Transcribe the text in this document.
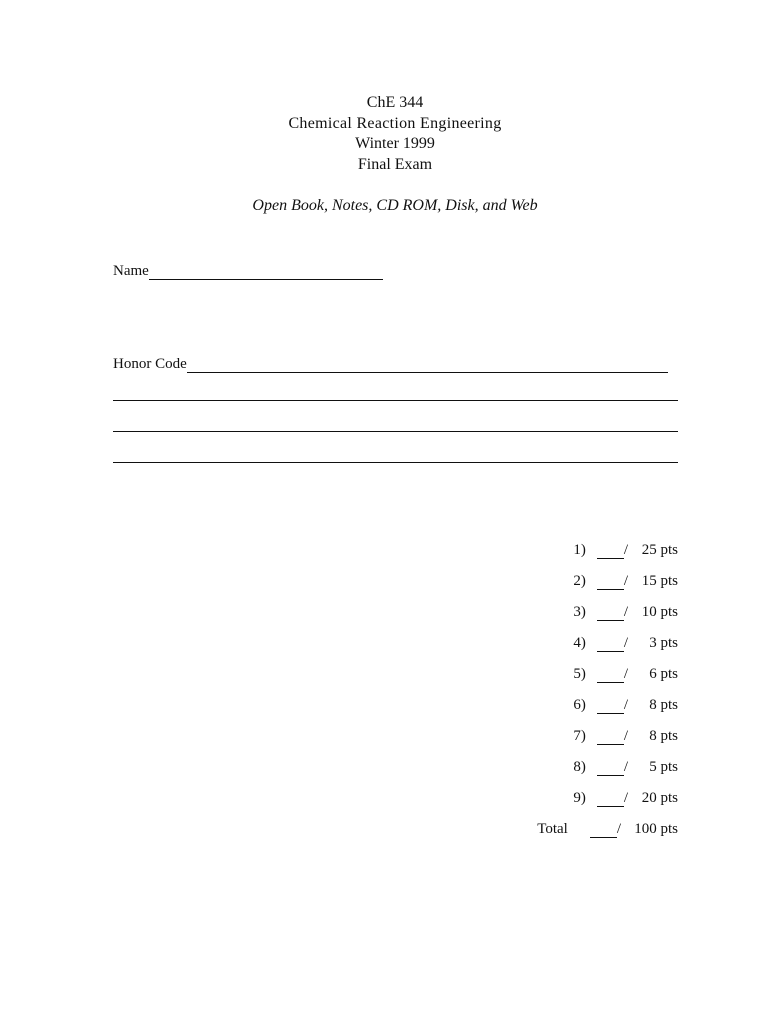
ChE 344
Chemical Reaction Engineering
Winter 1999
Final Exam
Open Book, Notes, CD ROM, Disk, and Web
Name
Honor Code
1)	/ 25 pts
2)	/ 15 pts
3)	/ 10 pts
4)	/	3 pts
5)	/	6 pts
6)	/	8 pts
7)	/	8 pts
8)	/	5 pts
9)	/ 20 pts
Total	/ 100 pts
